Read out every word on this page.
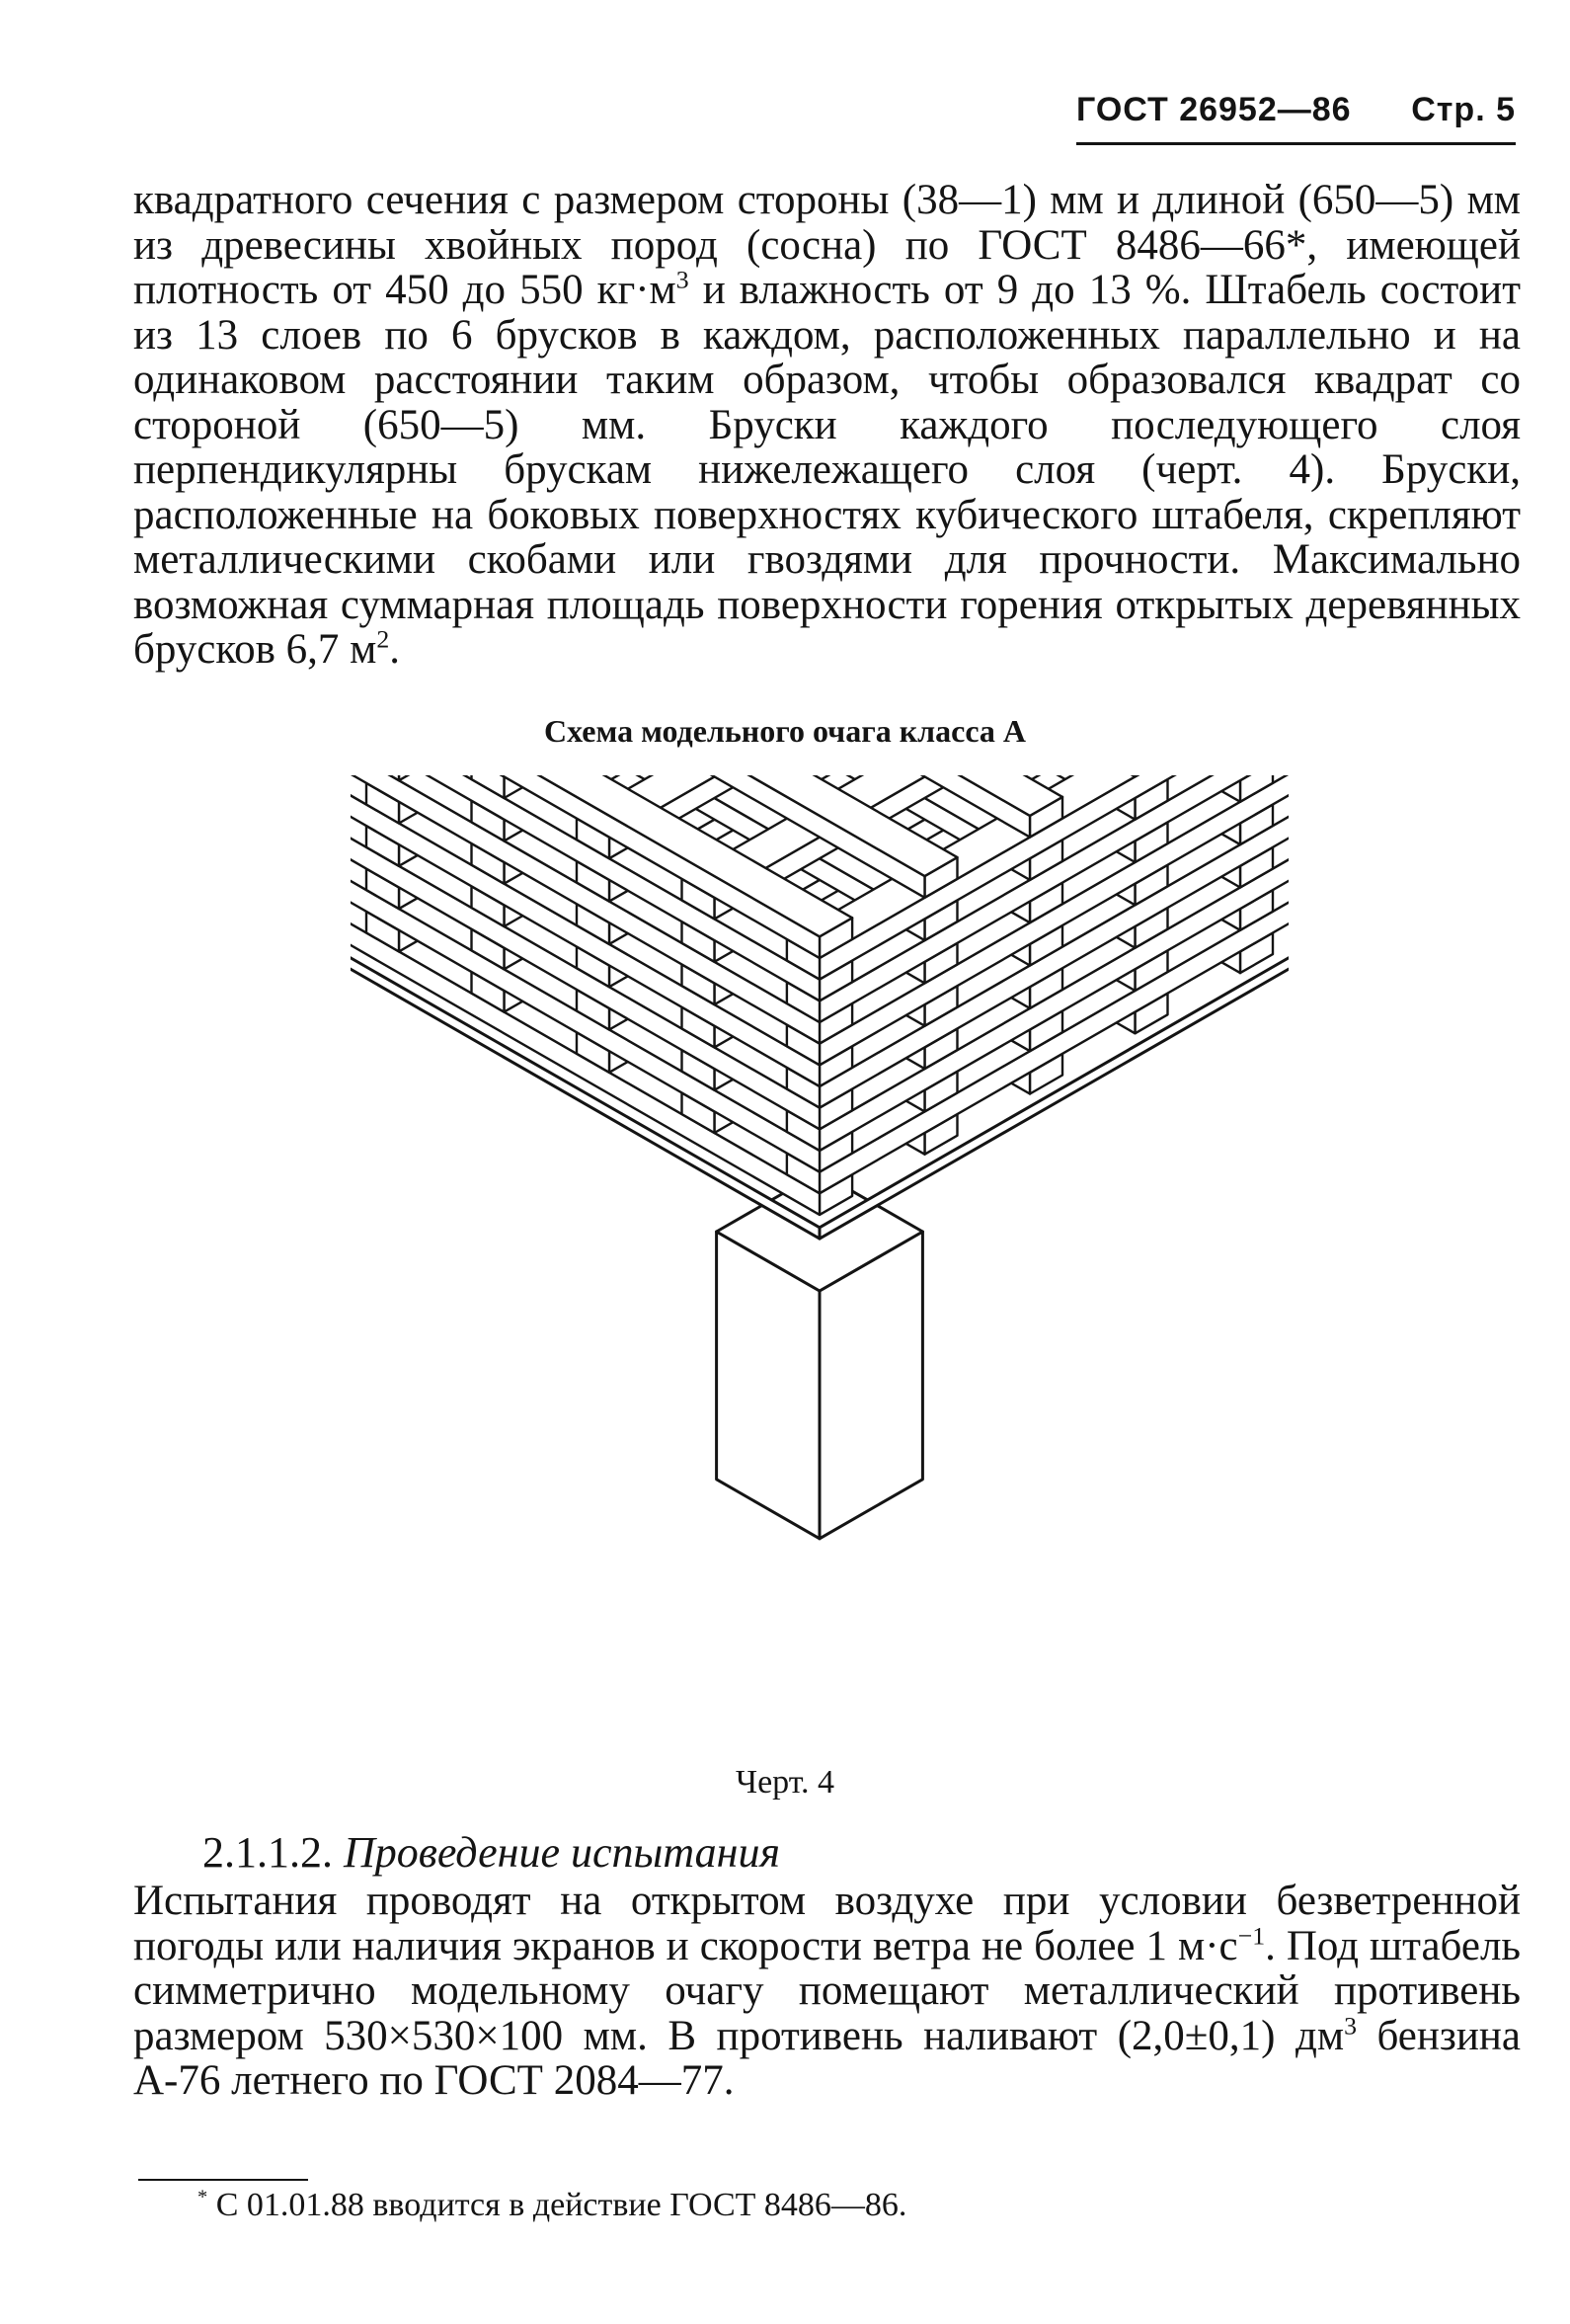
ГОСТ 26952—86 Стр. 5

квадратного сечения с размером стороны (38—1) мм и длиной (650—5) мм из древесины хвойных пород (сосна) по ГОСТ 8486—66*, имеющей плотность от 450 до 550 $кг\cdot м^3$ и влажность от 9 до 13 %. Штабель состоит из 13 слоев по 6 брусков в каждом, расположенных параллельно и на одинаковом расстоянии таким образом, чтобы образовался квадрат со стороной (650—5) мм. Бруски каждого последующего слоя перпендикулярны брускам нижележащего слоя (черт. 4). Бруски, расположенные на боковых поверхностях кубического штабеля, скрепляют металлическими скобами или гвоздями для прочности. Максимально возможная суммарная площадь поверхности горения открытых деревянных брусков 6,7 $м^2$.

Схема модельного очага класса А

Черт. 4

2.1.1.2. Проведение испытания

Испытания проводят на открытом воздухе при условии безветренной погоды или наличия экранов и скорости ветра не более 1 $м\cdot с^{-1}$. Под штабель симметрично модельному очагу помещают металлический противень размером 530×530×100 мм. В противень наливают (2,0±0,1) $дм^3$ бензина А-76 летнего по ГОСТ 2084—77.

* С 01.01.88 вводится в действие ГОСТ 8486—86.
